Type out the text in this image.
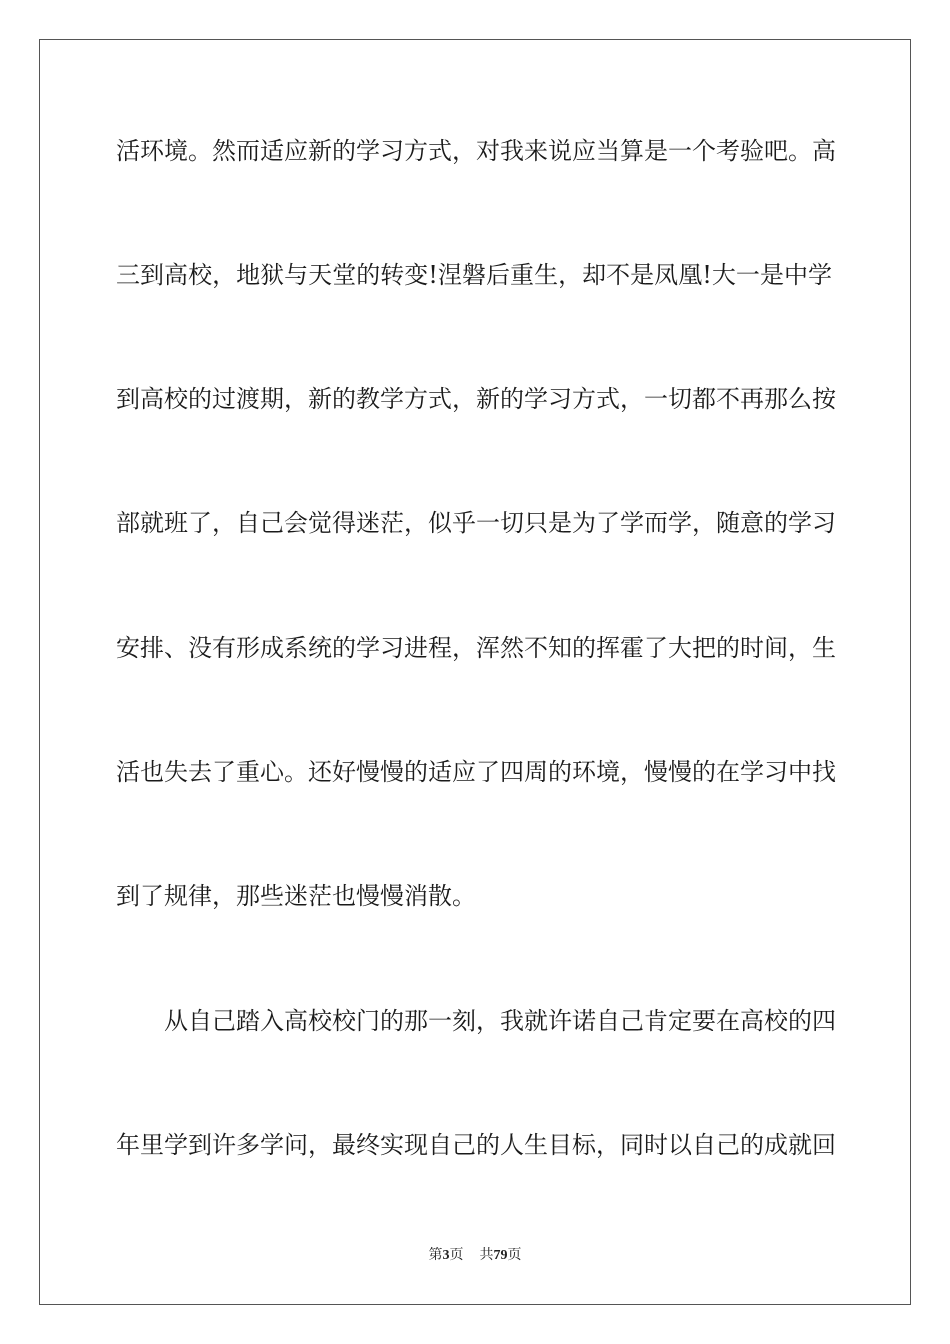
活环境。然而适应新的学习方式，对我来说应当算是一个考验吧。高
三到高校，地狱与天堂的转变!涅磐后重生，却不是凤凰!大一是中学
到高校的过渡期，新的教学方式，新的学习方式，一切都不再那么按
部就班了，自己会觉得迷茫，似乎一切只是为了学而学，随意的学习
安排、没有形成系统的学习进程，浑然不知的挥霍了大把的时间，生
活也失去了重心。还好慢慢的适应了四周的环境，慢慢的在学习中找
到了规律，那些迷茫也慢慢消散。
从自己踏入高校校门的那一刻，我就许诺自己肯定要在高校的四
年里学到许多学问，最终实现自己的人生目标，同时以自己的成就回
第3页 共79页
